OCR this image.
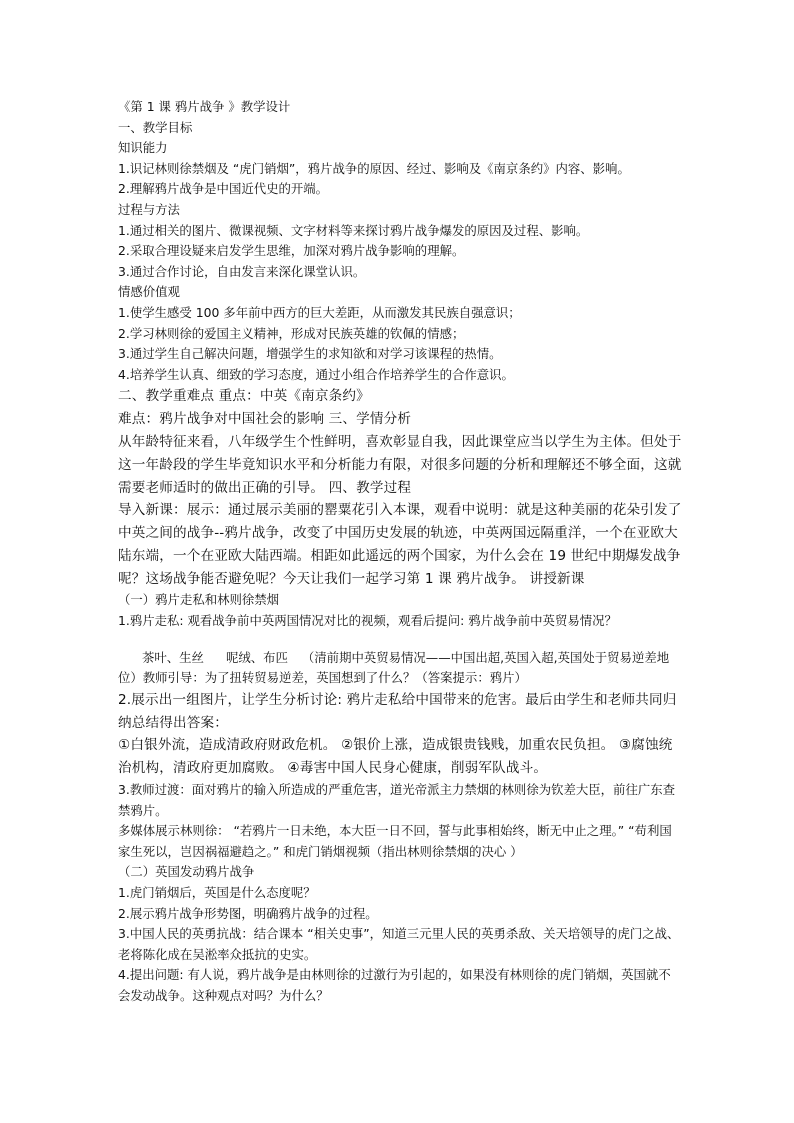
《第 1 课 鸦片战争 》教学设计

一、教学目标

知识能力

1.识记林则徐禁烟及 “虎门销烟”，鸦片战争的原因、经过、影响及《南京条约》内容、影响。

2.理解鸦片战争是中国近代史的开端。

过程与方法

1.通过相关的图片、微课视频、文字材料等来探讨鸦片战争爆发的原因及过程、影响。

2.采取合理设疑来启发学生思维，加深对鸦片战争影响的理解。

3.通过合作讨论，自由发言来深化课堂认识。

情感价值观

1.使学生感受 100 多年前中西方的巨大差距，从而激发其民族自强意识；

2.学习林则徐的爱国主义精神，形成对民族英雄的钦佩的情感；

3.通过学生自己解决问题，增强学生的求知欲和对学习该课程的热情。

4.培养学生认真、细致的学习态度，通过小组合作培养学生的合作意识。

二、教学重难点 重点：中英《南京条约》

难点：鸦片战争对中国社会的影响 三、学情分析

从年龄特征来看，八年级学生个性鲜明，喜欢彰显自我，因此课堂应当以学生为主体。但处于这一年龄段的学生毕竟知识水平和分析能力有限，对很多问题的分析和理解还不够全面，这就需要老师适时的做出正确的引导。 四、教学过程

导入新课：展示：通过展示美丽的罂粟花引入本课，观看中说明：就是这种美丽的花朵引发了中英之间的战争--鸦片战争，改变了中国历史发展的轨迹，中英两国远隔重洋，一个在亚欧大陆东端，一个在亚欧大陆西端。相距如此遥远的两个国家，为什么会在 19 世纪中期爆发战争呢？这场战争能否避免呢？今天让我们一起学习第 1 课 鸦片战争。 讲授新课

（一）鸦片走私和林则徐禁烟

1.鸦片走私: 观看战争前中英两国情况对比的视频，观看后提问: 鸦片战争前中英贸易情况？

茶叶、生丝 呢绒、布匹 （清前期中英贸易情况——中国出超,英国入超,英国处于贸易逆差地位）教师引导：为了扭转贸易逆差，英国想到了什么？（答案提示：鸦片）

2.展示出一组图片，让学生分析讨论: 鸦片走私给中国带来的危害。最后由学生和老师共同归纳总结得出答案：

①白银外流，造成清政府财政危机。 ②银价上涨，造成银贵钱贱，加重农民负担。 ③腐蚀统治机构，清政府更加腐败。 ④毒害中国人民身心健康，削弱军队战斗。

3.教师过渡：面对鸦片的输入所造成的严重危害，道光帝派主力禁烟的林则徐为钦差大臣，前往广东查禁鸦片。

多媒体展示林则徐： “若鸦片一日未绝，本大臣一日不回，誓与此事相始终，断无中止之理。” “苟利国家生死以，岂因祸福避趋之。” 和虎门销烟视频（指出林则徐禁烟的决心 ）

（二）英国发动鸦片战争

1.虎门销烟后，英国是什么态度呢？

2.展示鸦片战争形势图，明确鸦片战争的过程。

3.中国人民的英勇抗战：结合课本 “相关史事”，知道三元里人民的英勇杀敌、关天培领导的虎门之战、老将陈化成在吴淞率众抵抗的史实。

4.提出问题: 有人说，鸦片战争是由林则徐的过激行为引起的，如果没有林则徐的虎门销烟，英国就不会发动战争。这种观点对吗？为什么？
